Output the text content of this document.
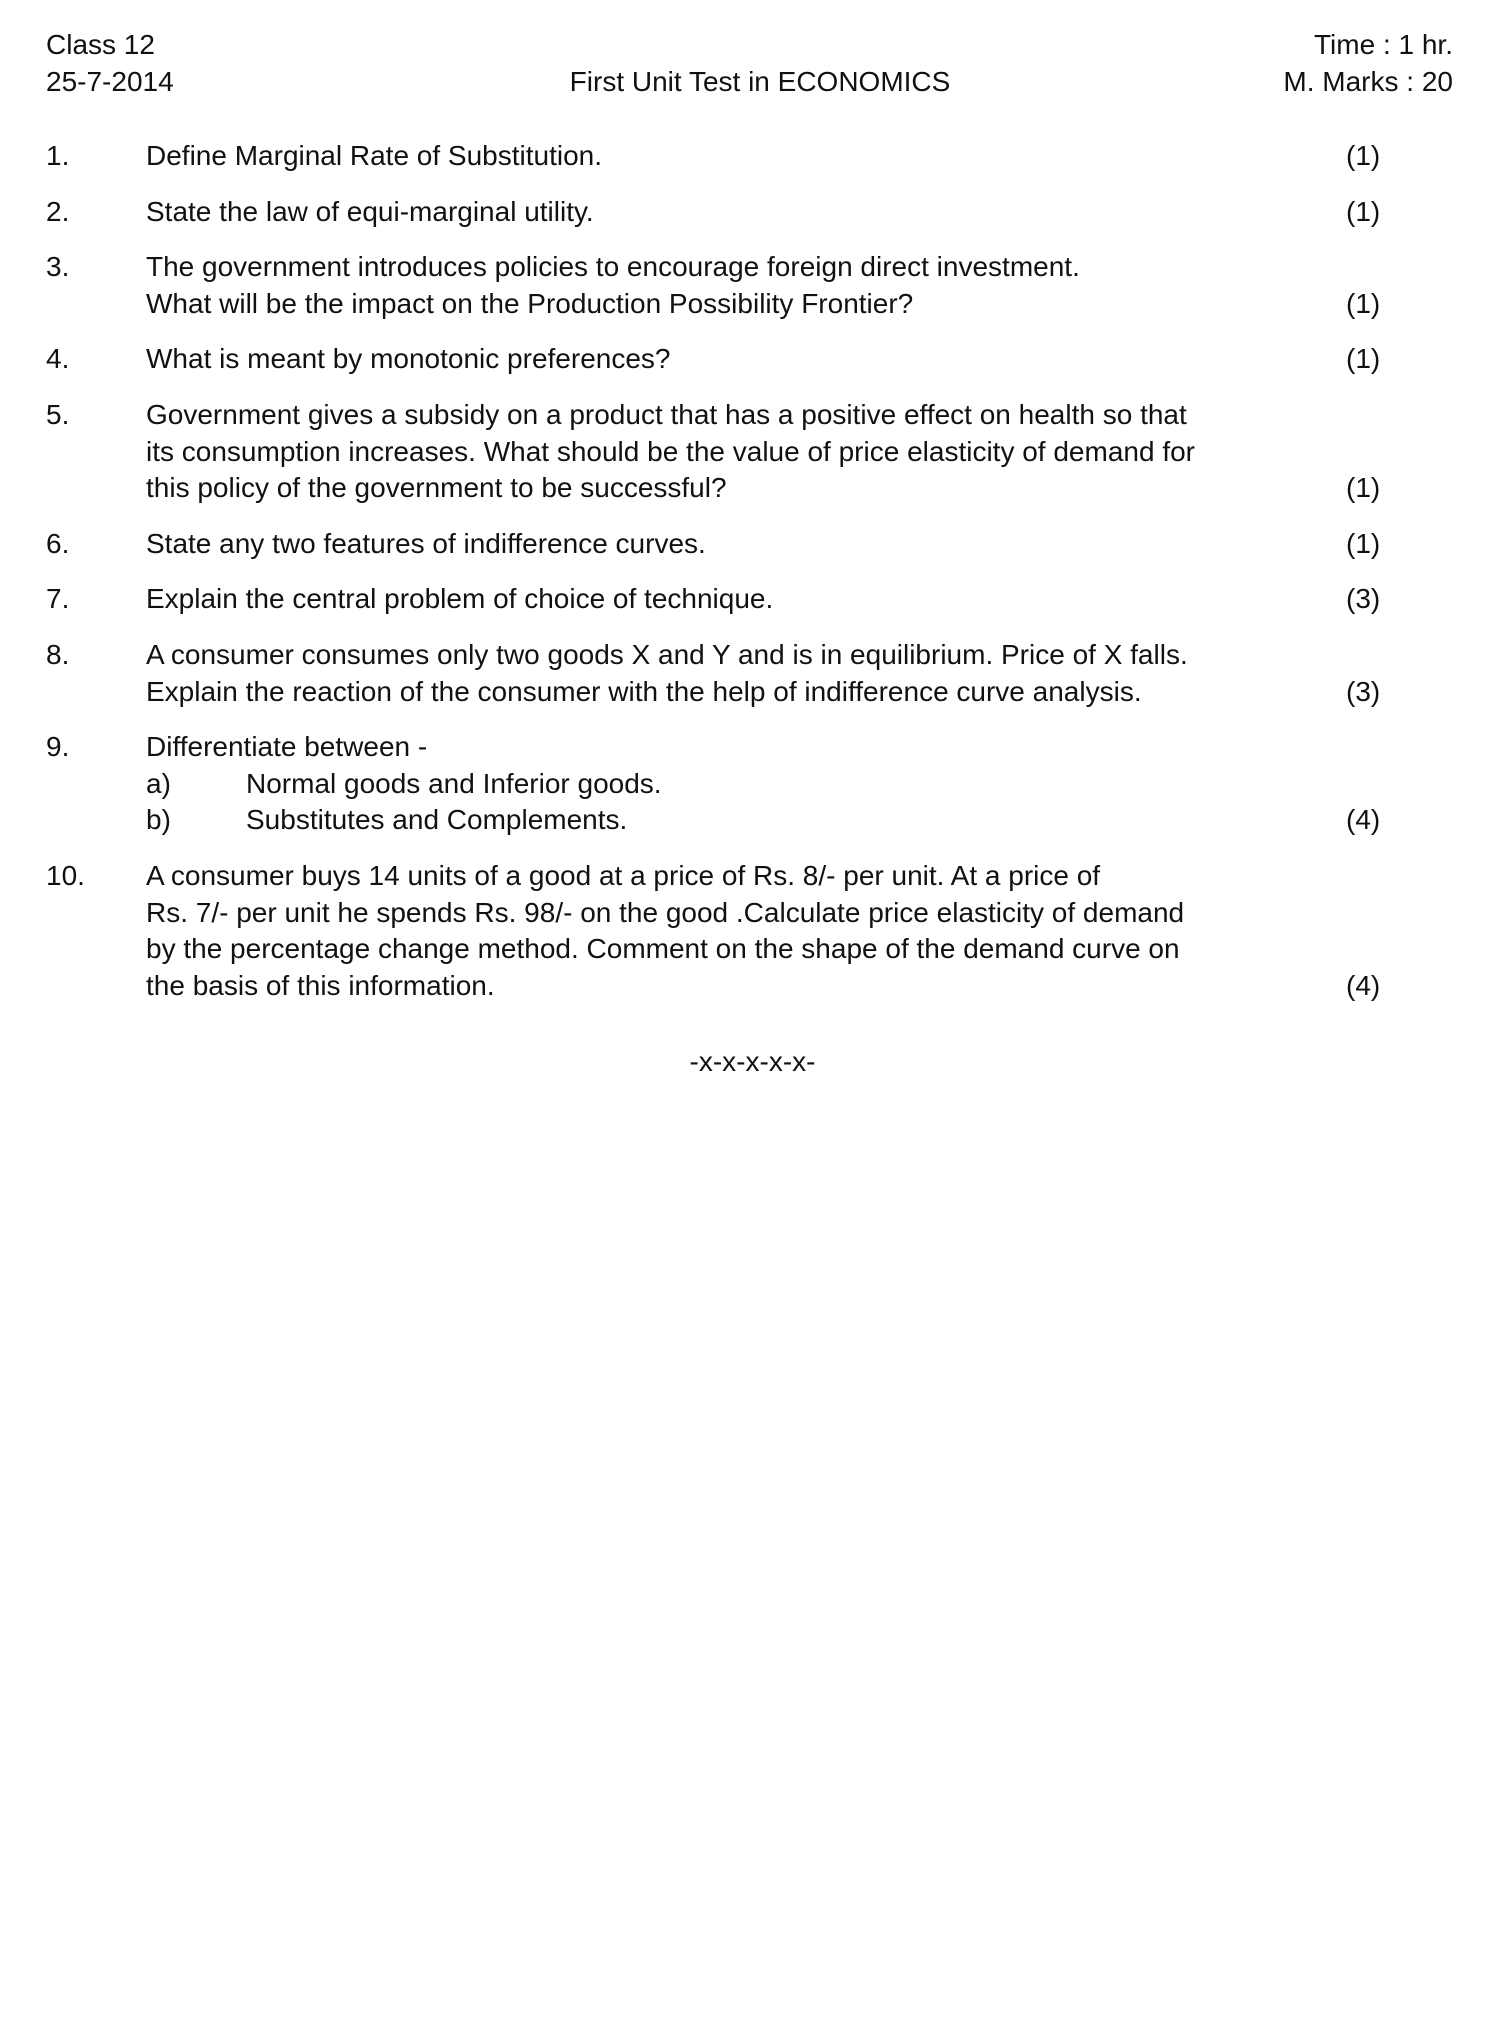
Class 12
25-7-2014	First Unit Test in ECONOMICS
Time : 1 hr.
M. Marks : 20
1.	Define Marginal Rate of Substitution.	(1)
2.	State the law of equi-marginal utility.	(1)
3.	The government introduces policies to encourage foreign direct investment.
What will be the impact on the Production Possibility Frontier?	(1)
4.	What is meant by monotonic preferences?	(1)
5.	Government gives a subsidy on a product that has a positive effect on health so that
its consumption increases. What should be the value of price elasticity of demand for
this policy of the government to be successful?	(1)
6.	State any two features of indifference curves.	(1)
7.	Explain the central problem of choice of technique.	(3)
8.	A consumer consumes only two goods X and Y and is in equilibrium. Price of X falls.
Explain the reaction of the consumer with the help of indifference curve analysis.	(3)
9.	Differentiate between -
a)	Normal goods and Inferior goods.
b)	Substitutes and Complements.	(4)
10.	A consumer buys 14 units of a good at a price of Rs. 8/- per unit. At a price of
Rs. 7/- per unit he spends Rs. 98/- on the good .Calculate price elasticity of demand
by the percentage change method. Comment on the shape of the demand curve on
the basis of this information.	(4)
-x-x-x-x-x-
